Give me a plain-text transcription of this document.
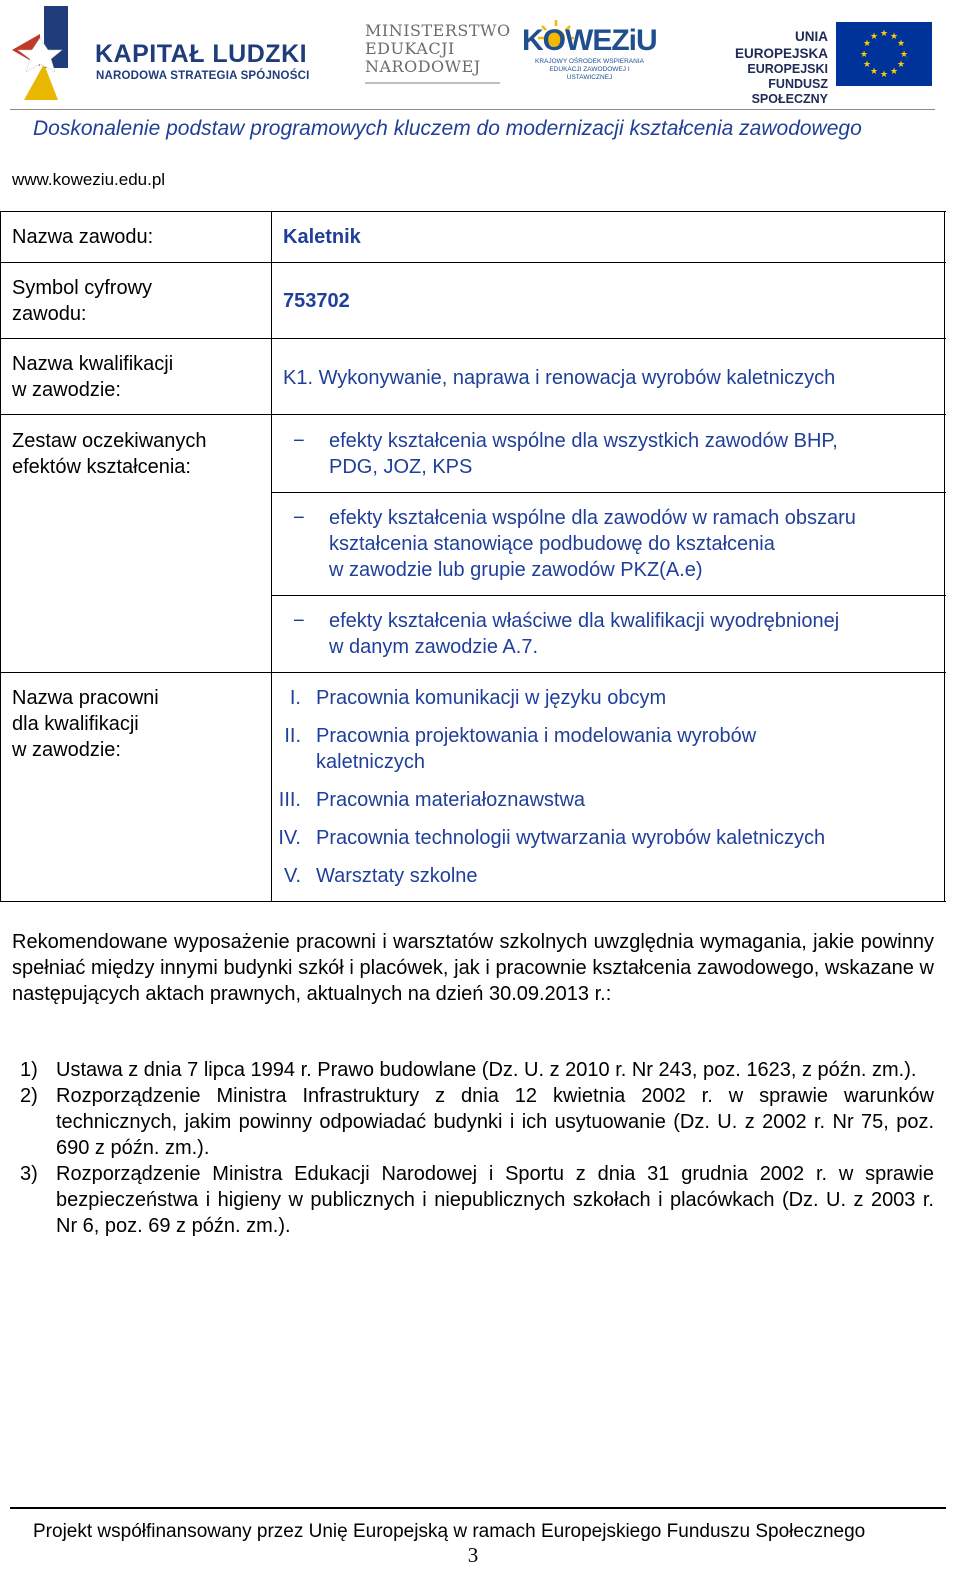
KAPITAŁ LUDZKI
NARODOWA STRATEGIA SPÓJNOŚCI
MINISTERSTWO
EDUKACJI
NARODOWEJ
KOWEZiU
KRAJOWY OŚRODEK WSPIERANIA EDUKACJI ZAWODOWEJ I USTAWICZNEJ
UNIA EUROPEJSKA
EUROPEJSKI
FUNDUSZ SPOŁECZNY
★ ★
★
★
★
★
★
★
★
★
★
★
Doskonalenie podstaw programowych kluczem do modernizacji kształcenia zawodowego
www.koweziu.edu.pl
Nazwa zawodu:	Kaletnik
Symbol cyfrowy
zawodu:
753702
Nazwa kwalifikacji
w zawodzie:
K1. Wykonywanie, naprawa i renowacja wyrobów kaletniczych
Zestaw oczekiwanych
efektów kształcenia:
− efekty kształcenia wspólne dla wszystkich zawodów BHP,
PDG, JOZ, KPS
− efekty kształcenia wspólne dla zawodów w ramach obszaru
kształcenia stanowiące podbudowę do kształcenia
w zawodzie lub grupie zawodów PKZ(A.e)
− efekty kształcenia właściwe dla kwalifikacji wyodrębnionej
w danym zawodzie A.7.
Nazwa pracowni
dla kwalifikacji
w zawodzie:
I. Pracownia komunikacji w języku obcym
II. Pracownia projektowania i modelowania wyrobów
kaletniczych
III. Pracownia materiałoznawstwa
IV. Pracownia technologii wytwarzania wyrobów kaletniczych
V. Warsztaty szkolne
Rekomendowane wyposażenie pracowni i warsztatów szkolnych uwzględnia wymagania, jakie powinny spełniać między innymi budynki szkół i placówek, jak i pracownie kształcenia zawodowego, wskazane w następujących aktach prawnych, aktualnych na dzień 30.09.2013 r.:
1) Ustawa z dnia 7 lipca 1994 r. Prawo budowlane (Dz. U. z 2010 r. Nr 243, poz. 1623, z późn. zm.).
2) Rozporządzenie Ministra Infrastruktury z dnia 12 kwietnia 2002 r. w sprawie warunków technicznych, jakim powinny odpowiadać budynki i ich usytuowanie (Dz. U. z 2002 r. Nr 75, poz. 690 z późn. zm.).
3) Rozporządzenie Ministra Edukacji Narodowej i Sportu z dnia 31 grudnia 2002 r. w sprawie bezpieczeństwa i higieny w publicznych i niepublicznych szkołach i placówkach (Dz. U. z 2003 r. Nr 6, poz. 69 z późn. zm.).
Projekt współfinansowany przez Unię Europejską w ramach Europejskiego Funduszu Społecznego
3
